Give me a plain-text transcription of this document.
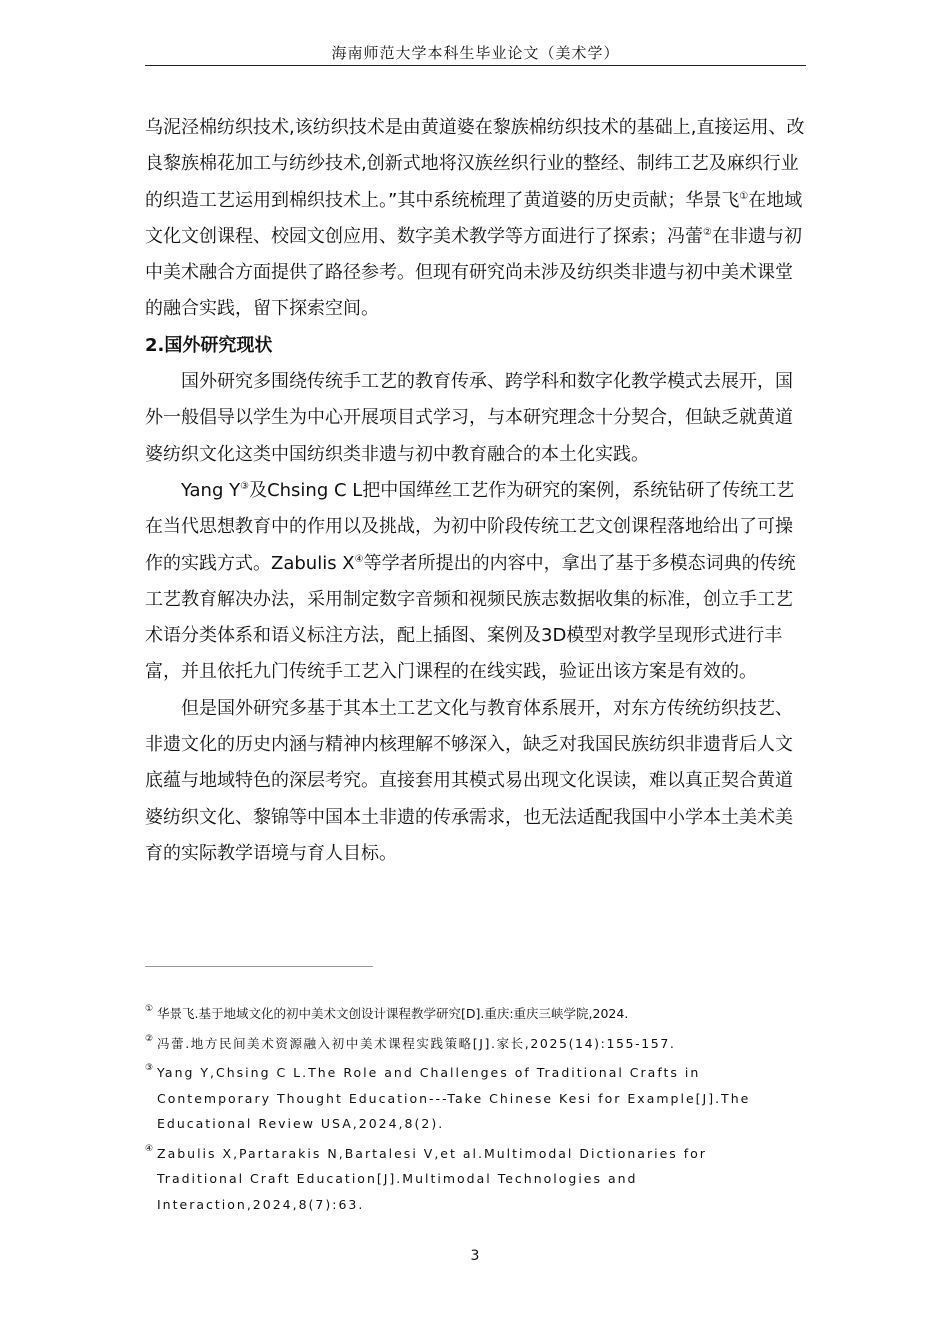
海南师范大学本科生毕业论文（美术学）

乌泥泾棉纺织技术,该纺织技术是由黄道婆在黎族棉纺织技术的基础上,直接运用、改良黎族棉花加工与纺纱技术,创新式地将汉族丝织行业的整经、制纬工艺及麻织行业的织造工艺运用到棉织技术上。”其中系统梳理了黄道婆的历史贡献；华景飞①在地域文化文创课程、校园文创应用、数字美术教学等方面进行了探索；冯蕾②在非遗与初中美术融合方面提供了路径参考。但现有研究尚未涉及纺织类非遗与初中美术课堂的融合实践，留下探索空间。

2.国外研究现状

国外研究多围绕传统手工艺的教育传承、跨学科和数字化教学模式去展开，国外一般倡导以学生为中心开展项目式学习，与本研究理念十分契合，但缺乏就黄道婆纺织文化这类中国纺织类非遗与初中教育融合的本土化实践。

Yang Y③及Chsing C L把中国缂丝工艺作为研究的案例，系统钻研了传统工艺在当代思想教育中的作用以及挑战，为初中阶段传统工艺文创课程落地给出了可操作的实践方式。Zabulis X④等学者所提出的内容中，拿出了基于多模态词典的传统工艺教育解决办法，采用制定数字音频和视频民族志数据收集的标准，创立手工艺术语分类体系和语义标注方法，配上插图、案例及3D模型对教学呈现形式进行丰富，并且依托九门传统手工艺入门课程的在线实践，验证出该方案是有效的。

但是国外研究多基于其本土工艺文化与教育体系展开，对东方传统纺织技艺、非遗文化的历史内涵与精神内核理解不够深入，缺乏对我国民族纺织非遗背后人文底蕴与地域特色的深层考究。直接套用其模式易出现文化误读，难以真正契合黄道婆纺织文化、黎锦等中国本土非遗的传承需求，也无法适配我国中小学本土美术美育的实际教学语境与育人目标。

① 华景飞.基于地域文化的初中美术文创设计课程教学研究[D].重庆:重庆三峡学院,2024.

② 冯蕾.地方民间美术资源融入初中美术课程实践策略[J].家长,2025(14):155-157.

③ Yang Y,Chsing C L.The Role and Challenges of Traditional Crafts in Contemporary Thought Education---Take Chinese Kesi for Example[J].The Educational Review USA,2024,8(2).

④ Zabulis X,Partarakis N,Bartalesi V,et al.Multimodal Dictionaries for Traditional Craft Education[J].Multimodal Technologies and Interaction,2024,8(7):63.

3
